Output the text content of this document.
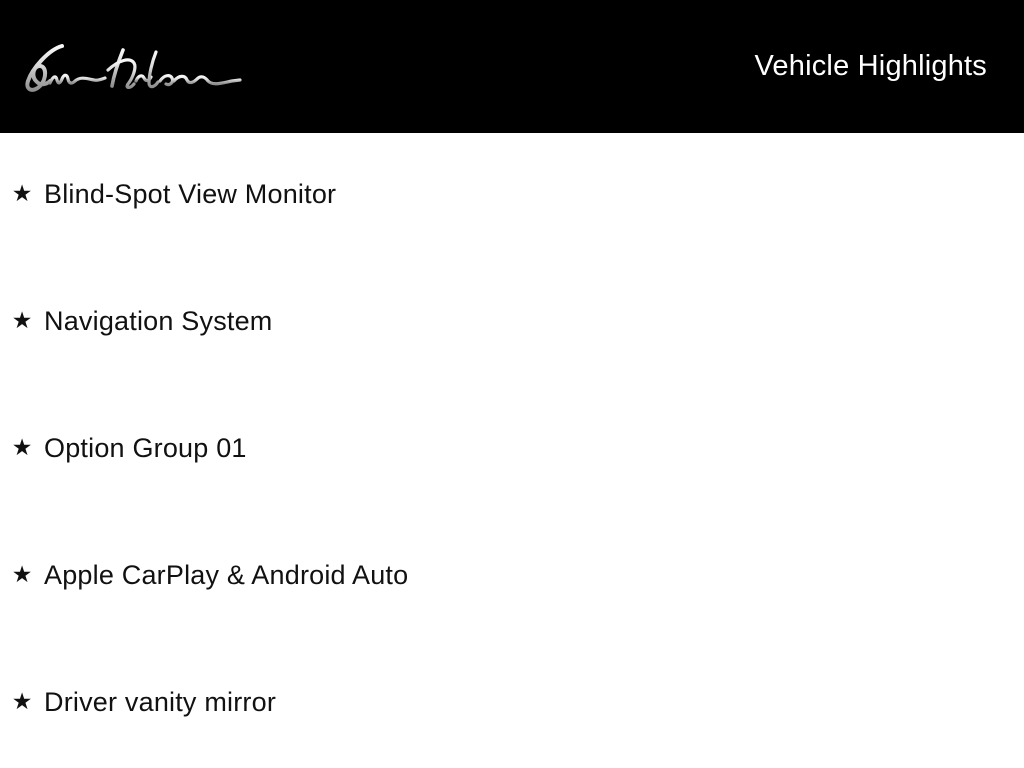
Vehicle Highlights
★ Blind-Spot View Monitor
★ Navigation System
★ Option Group 01
★ Apple CarPlay & Android Auto
★ Driver vanity mirror
